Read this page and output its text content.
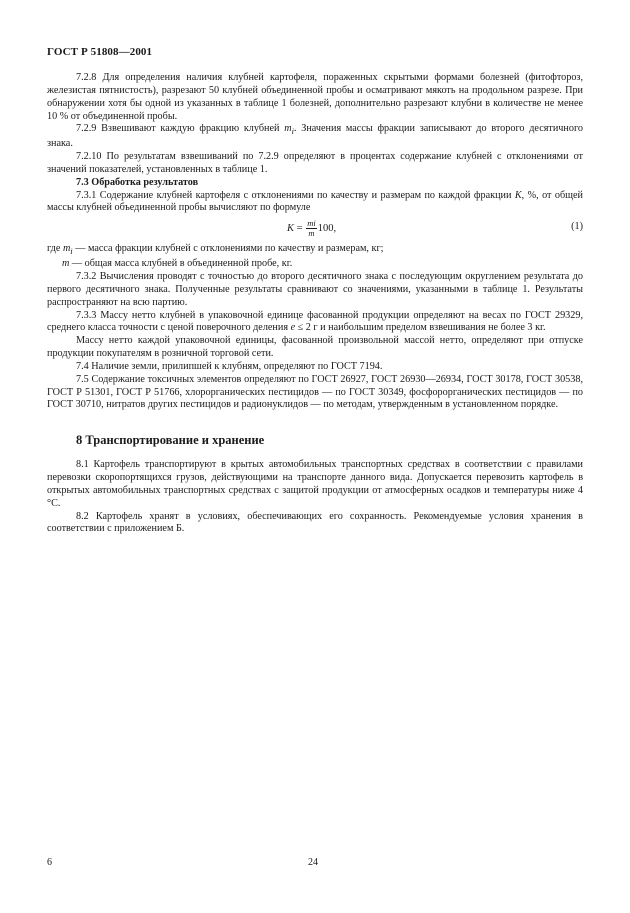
ГОСТ Р 51808—2001

7.2.8 Для определения наличия клубней картофеля, пораженных скрытыми формами болезней (фитофтороз, железистая пятнистость), разрезают 50 клубней объединенной пробы и осматривают мякоть на продольном разрезе. При обнаружении хотя бы одной из указанных в таблице 1 болезней, дополнительно разрезают клубни в количестве не менее 10 % от объединенной пробы.

7.2.9 Взвешивают каждую фракцию клубней $m_i$. Значения массы фракции записывают до второго десятичного знака.

7.2.10 По результатам взвешиваний по 7.2.9 определяют в процентах содержание клубней с отклонениями от значений показателей, установленных в таблице 1.

7.3 Обработка результатов

7.3.1 Содержание клубней картофеля с отклонениями по качеству и размерам по каждой фракции K, %, от общей массы клубней объединенной пробы вычисляют по формуле

$K = \frac{mi}{m} 100$,	(1)

где $m_i$ — масса фракции клубней с отклонениями по качеству и размерам, кг;

m — общая масса клубней в объединенной пробе, кг.

7.3.2 Вычисления проводят с точностью до второго десятичного знака с последующим округлением результата до первого десятичного знака. Полученные результаты сравнивают со значениями, указанными в таблице 1. Результаты распространяют на всю партию.

7.3.3 Массу нетто клубней в упаковочной единице фасованной продукции определяют на весах по ГОСТ 29329, среднего класса точности с ценой поверочного деления e ≤ 2 г и наибольшим пределом взвешивания не более 3 кг.

Массу нетто каждой упаковочной единицы, фасованной произвольной массой нетто, определяют при отпуске продукции покупателям в розничной торговой сети.

7.4 Наличие земли, прилипшей к клубням, определяют по ГОСТ 7194.

7.5 Содержание токсичных элементов определяют по ГОСТ 26927, ГОСТ 26930—26934, ГОСТ 30178, ГОСТ 30538, ГОСТ Р 51301, ГОСТ Р 51766, хлорорганических пестицидов — по ГОСТ 30349, фосфорорганических пестицидов — по ГОСТ 30710, нитратов других пестицидов и радионуклидов — по методам, утвержденным в установленном порядке.

8 Транспортирование и хранение

8.1 Картофель транспортируют в крытых автомобильных транспортных средствах в соответствии с правилами перевозки скоропортящихся грузов, действующими на транспорте данного вида. Допускается перевозить картофель в открытых автомобильных транспортных средствах с защитой продукции от атмосферных осадков и температуры ниже 4 °С.

8.2 Картофель хранят в условиях, обеспечивающих его сохранность. Рекомендуемые условия хранения в соответствии с приложением Б.

6	24
